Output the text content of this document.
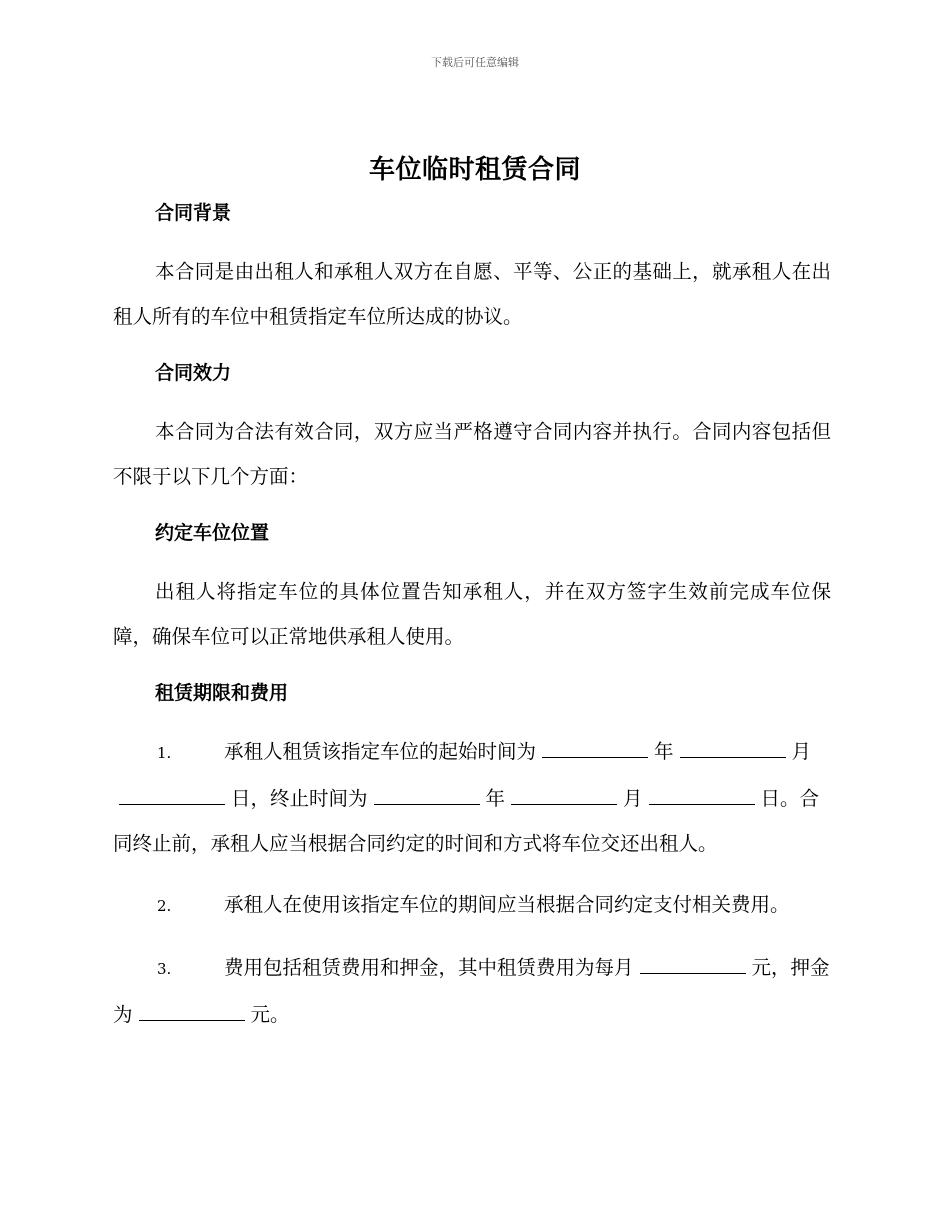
下载后可任意编辑
车位临时租赁合同
合同背景

本合同是由出租人和承租人双方在自愿、平等、公正的基础上，就承租人在出租人所有的车位中租赁指定车位所达成的协议。

合同效力

本合同为合法有效合同，双方应当严格遵守合同内容并执行。合同内容包括但不限于以下几个方面：

约定车位位置

出租人将指定车位的具体位置告知承租人，并在双方签字生效前完成车位保障，确保车位可以正常地供承租人使用。

租赁期限和费用

1.	承租人租赁该指定车位的起始时间为	年	月日，终止时间为	年	月	日。合同终止前，承租人应当根据合同约定的时间和方式将车位交还出租人。

2.	承租人在使用该指定车位的期间应当根据合同约定支付相关费用。

3.	费用包括租赁费用和押金，其中租赁费用为每月	元，押金为	元。
